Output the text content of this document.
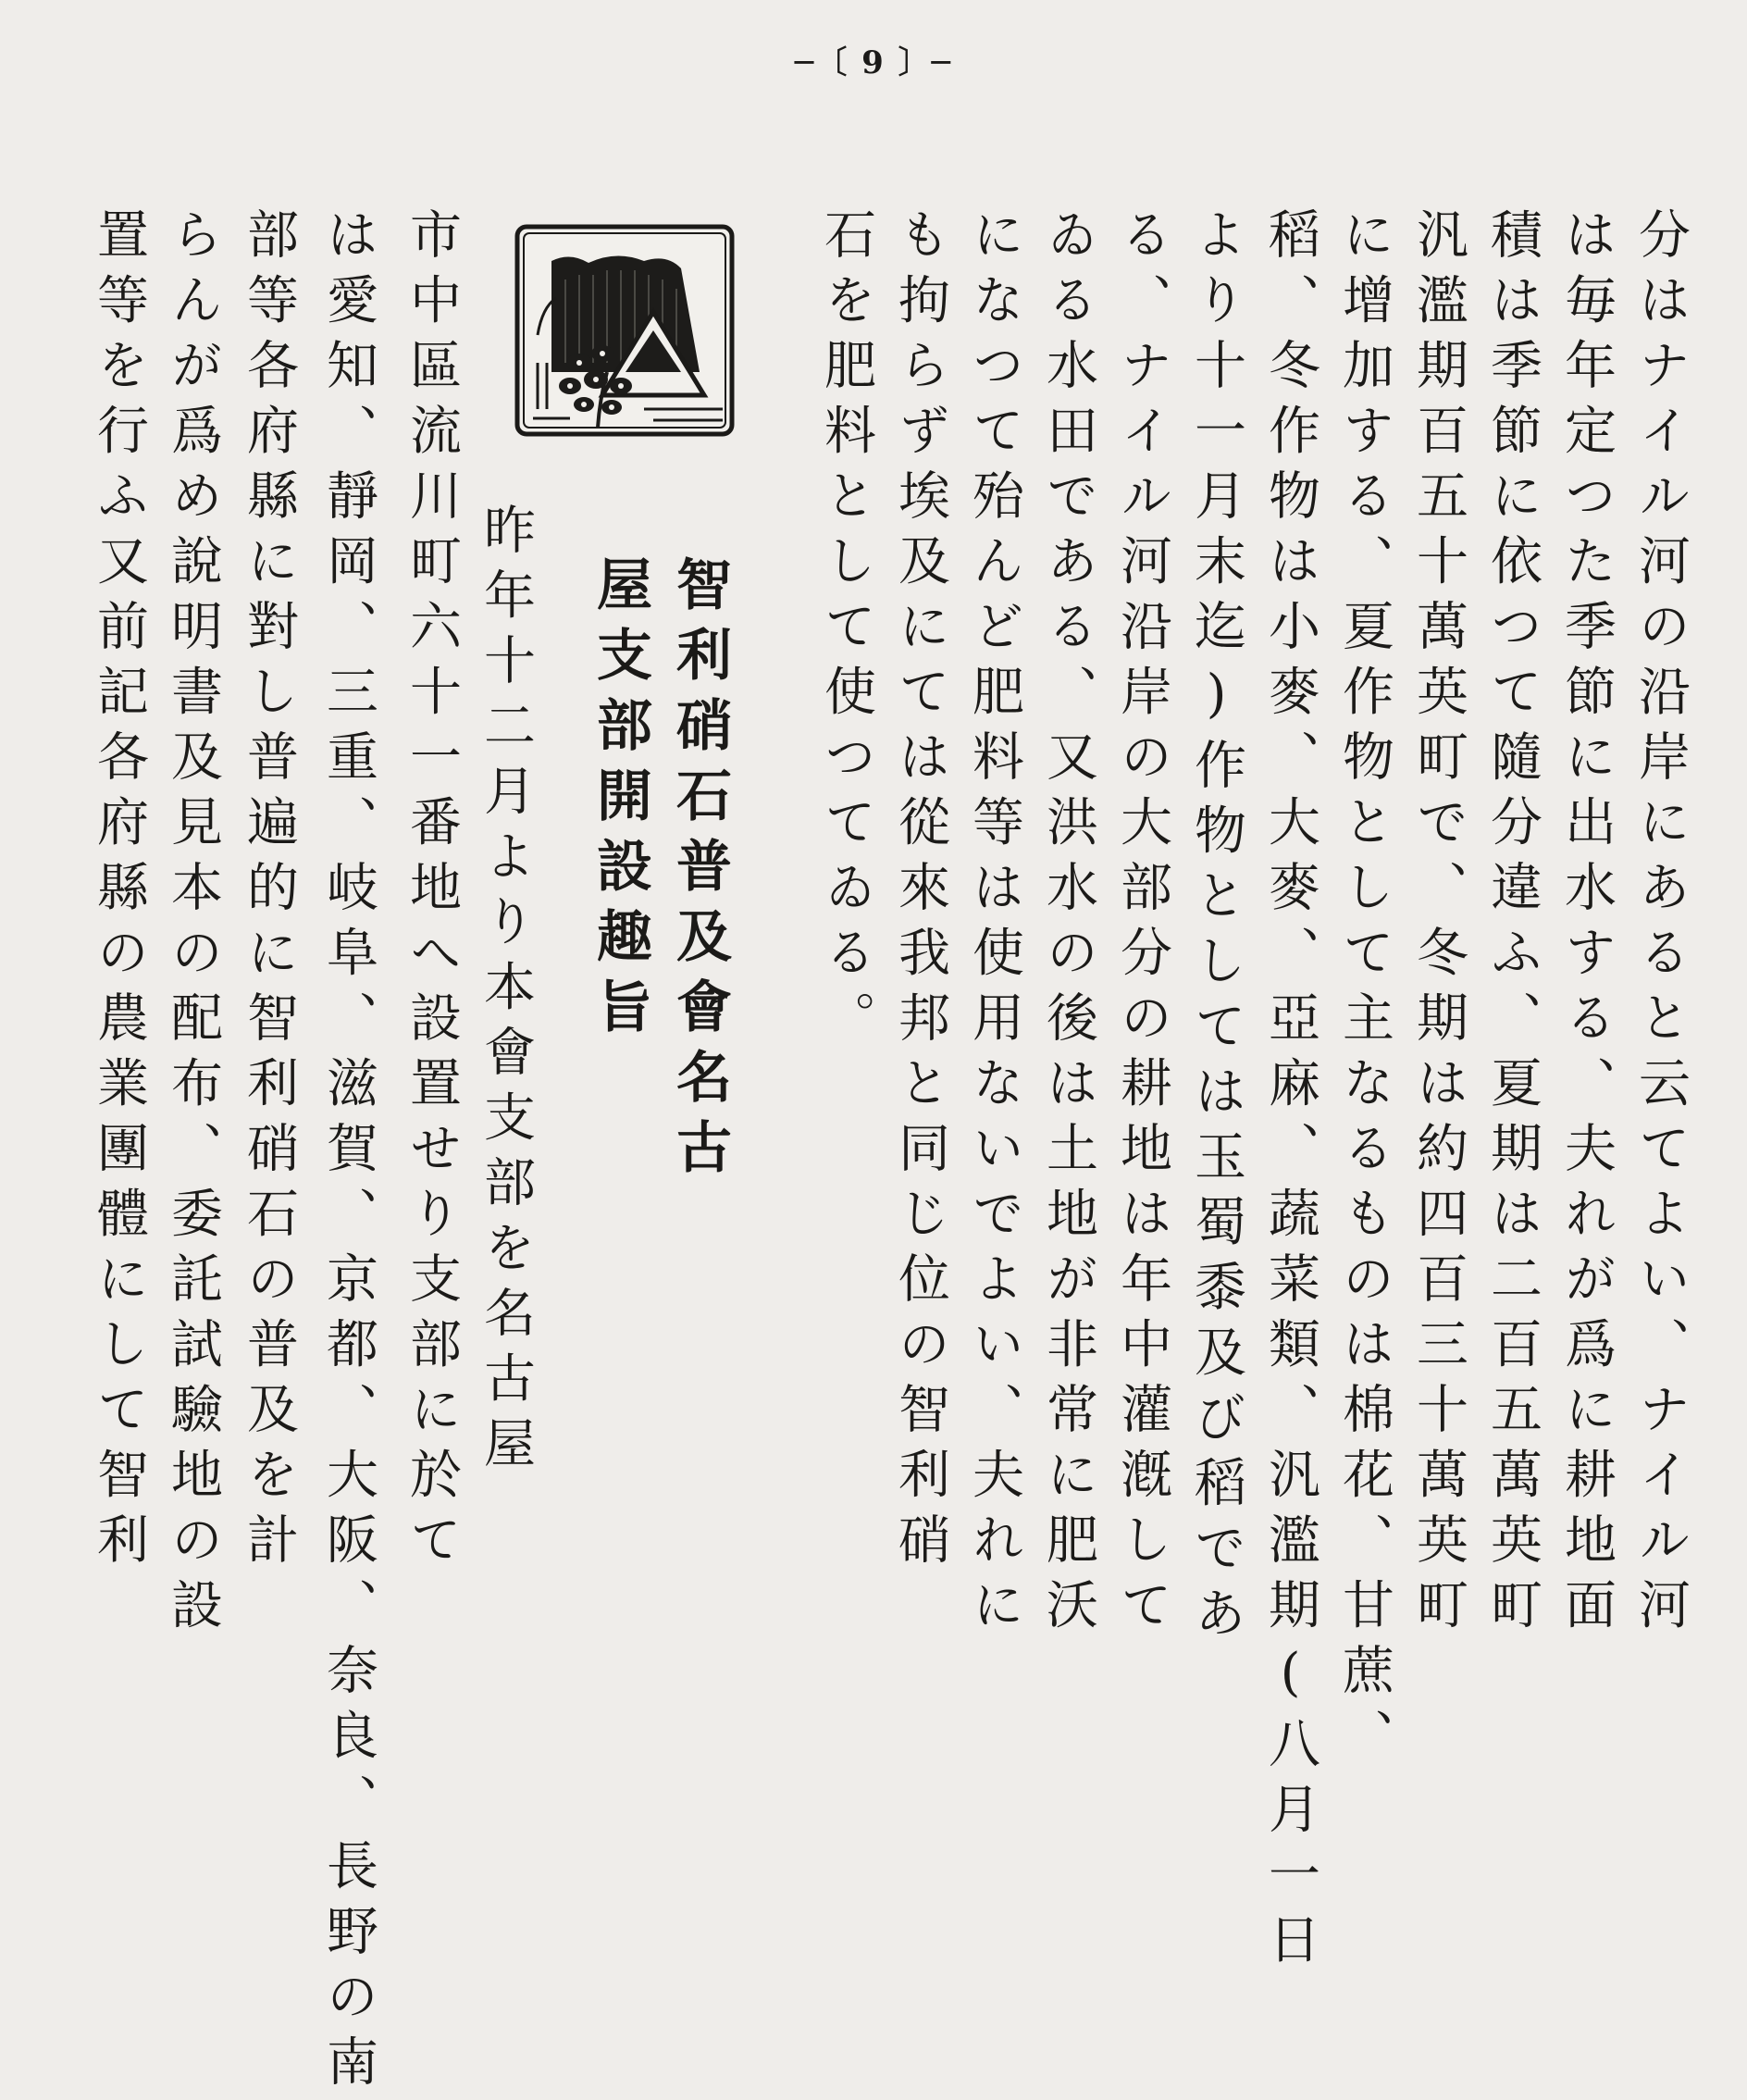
─〔 9 〕─
分はナイル河の沿岸にあると云てよい、ナイル河
は毎年定つた季節に出水する、夫れが爲に耕地面
積は季節に依つて隨分違ふ、夏期は二百五萬英町
汎濫期百五十萬英町で、冬期は約四百三十萬英町
に增加する、夏作物として主なるものは棉花、甘蔗、
稻、冬作物は小麥、大麥、亞麻、蔬菜類、汎濫期(八月一日
より十一月末迄)作物としては玉蜀黍及び稻であ
る、ナイル河沿岸の大部分の耕地は年中灌漑して
ゐる水田である、又洪水の後は土地が非常に肥沃
になつて殆んど肥料等は使用ないでよい、夫れに
も拘らず埃及にては從來我邦と同じ位の智利硝
石を肥料として使つてゐる。
智利硝石普及會名古
屋支部開設趣旨
昨年十二月より本會支部を名古屋
市中區流川町六十一番地へ設置せり支部に於て
は愛知、靜岡、三重、岐阜、滋賀、京都、大阪、奈良、長野の南
部等各府縣に對し普遍的に智利硝石の普及を計
らんが爲め說明書及見本の配布、委託試驗地の設
置等を行ふ又前記各府縣の農業團體にして智利
